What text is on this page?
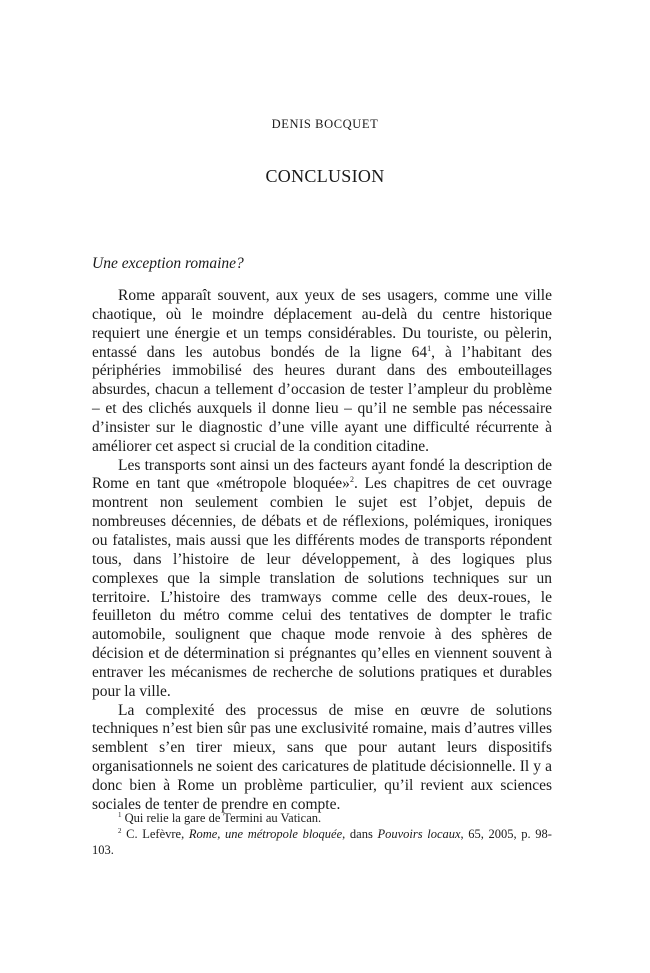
DENIS BOCQUET
CONCLUSION
Une exception romaine?

Rome apparaît souvent, aux yeux de ses usagers, comme une ville chaotique, où le moindre déplacement au-delà du centre historique requiert une énergie et un temps considérables. Du touriste, ou pèlerin, entassé dans les autobus bondés de la ligne $64^1$, à l’habitant des périphéries immobilisé des heures durant dans des embouteillages absurdes, chacun a tellement d’occasion de tester l’ampleur du problème – et des clichés auxquels il donne lieu – qu’il ne semble pas nécessaire d’insister sur le diagnostic d’une ville ayant une difficulté récurrente à améliorer cet aspect si crucial de la condition citadine.

Les transports sont ainsi un des facteurs ayant fondé la description de Rome en tant que «métropole bloquée»$^2$. Les chapitres de cet ouvrage montrent non seulement combien le sujet est l’objet, depuis de nombreuses décennies, de débats et de réflexions, polémiques, ironiques ou fatalistes, mais aussi que les différents modes de transports répondent tous, dans l’histoire de leur développement, à des logiques plus complexes que la simple translation de solutions techniques sur un territoire. L’histoire des tramways comme celle des deux-roues, le feuilleton du métro comme celui des tentatives de dompter le trafic automobile, soulignent que chaque mode renvoie à des sphères de décision et de détermination si prégnantes qu’elles en viennent souvent à entraver les mécanismes de recherche de solutions pratiques et durables pour la ville.

La complexité des processus de mise en œuvre de solutions techniques n’est bien sûr pas une exclusivité romaine, mais d’autres villes semblent s’en tirer mieux, sans que pour autant leurs dispositifs organisationnels ne soient des caricatures de platitude décisionnelle. Il y a donc bien à Rome un problème particulier, qu’il revient aux sciences sociales de tenter de prendre en compte.

$^1$ Qui relie la gare de Termini au Vatican.

$^2$ C. Lefèvre, Rome, une métropole bloquée, dans Pouvoirs locaux, 65, 2005, p. 98-103.
